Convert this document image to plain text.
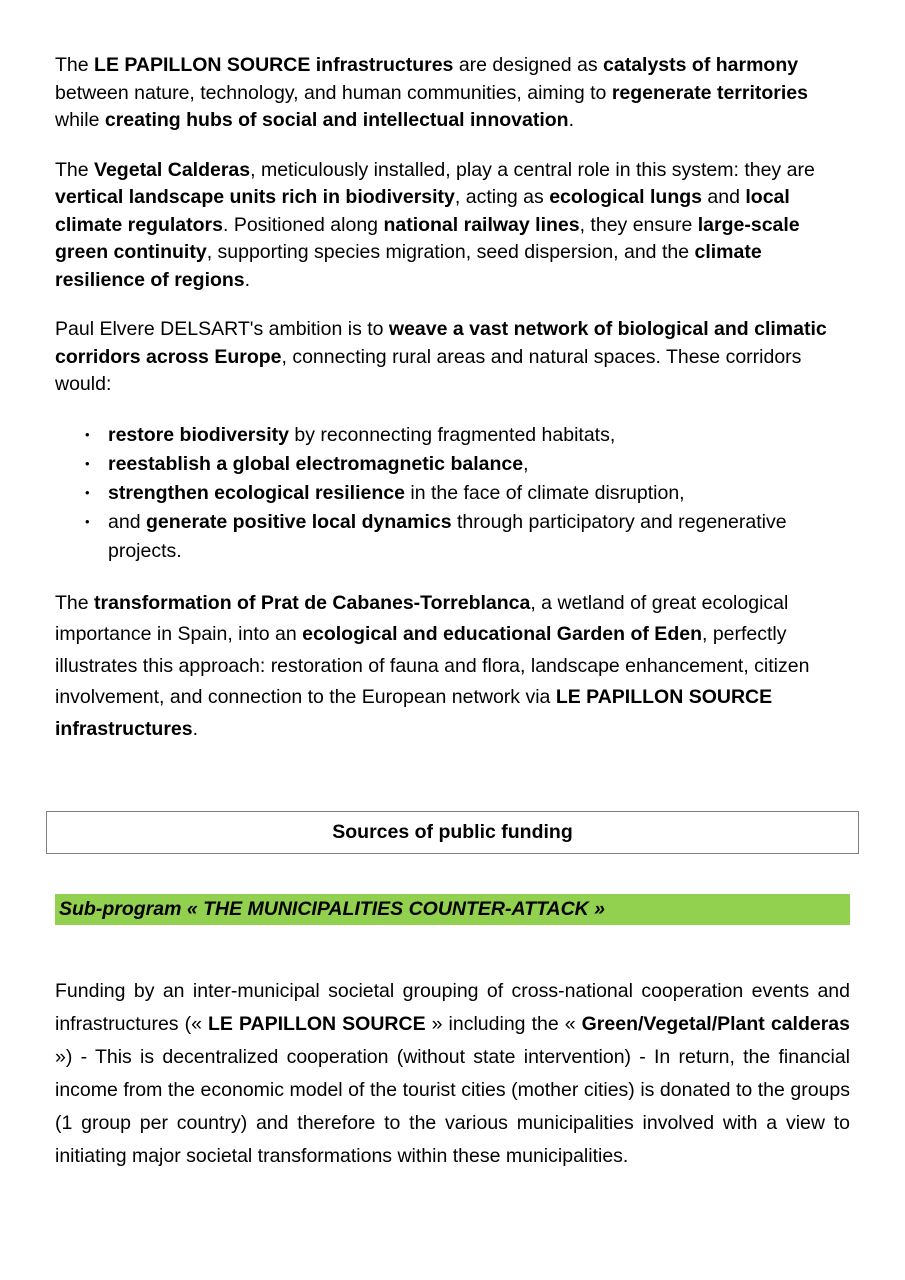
The LE PAPILLON SOURCE infrastructures are designed as catalysts of harmony between nature, technology, and human communities, aiming to regenerate territories while creating hubs of social and intellectual innovation.

The Vegetal Calderas, meticulously installed, play a central role in this system: they are vertical landscape units rich in biodiversity, acting as ecological lungs and local climate regulators. Positioned along national railway lines, they ensure large-scale green continuity, supporting species migration, seed dispersion, and the climate resilience of regions.

Paul Elvere DELSART's ambition is to weave a vast network of biological and climatic corridors across Europe, connecting rural areas and natural spaces. These corridors would:

• restore biodiversity by reconnecting fragmented habitats,
• reestablish a global electromagnetic balance,
• strengthen ecological resilience in the face of climate disruption,
• and generate positive local dynamics through participatory and regenerative projects.

The transformation of Prat de Cabanes-Torreblanca, a wetland of great ecological importance in Spain, into an ecological and educational Garden of Eden, perfectly illustrates this approach: restoration of fauna and flora, landscape enhancement, citizen involvement, and connection to the European network via LE PAPILLON SOURCE infrastructures.

Sources of public funding
Sub-program « THE MUNICIPALITIES COUNTER-ATTACK »

Funding by an inter-municipal societal grouping of cross-national cooperation events and infrastructures (« LE PAPILLON SOURCE » including the « Green/Vegetal/Plant calderas ») - This is decentralized cooperation (without state intervention) - In return, the financial income from the economic model of the tourist cities (mother cities) is donated to the groups (1 group per country) and therefore to the various municipalities involved with a view to initiating major societal transformations within these municipalities.
